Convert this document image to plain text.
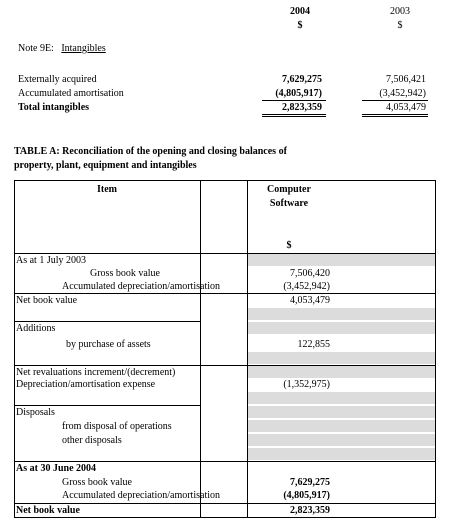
2004	2003
$	$
Note 9E: Intangibles
Externally acquired	7,629,275	7,506,421
Accumulated amortisation	(4,805,917)	(3,452,942)
Total intangibles	2,823,359	4,053,479
TABLE A: Reconciliation of the opening and closing balances of
property, plant, equipment and intangibles
Item	Computer
Software
$
As at 1 July 2003
Gross book value	7,506,420
Accumulated depreciation/amortisation	(3,452,942)
Net book value	4,053,479
Additions
by purchase of assets	122,855
Net revaluations increment/(decrement)
Depreciation/amortisation expense	(1,352,975)
Disposals
from disposal of operations
other disposals
As at 30 June 2004
Gross book value	7,629,275
Accumulated depreciation/amortisation	(4,805,917)
Net book value	2,823,359
